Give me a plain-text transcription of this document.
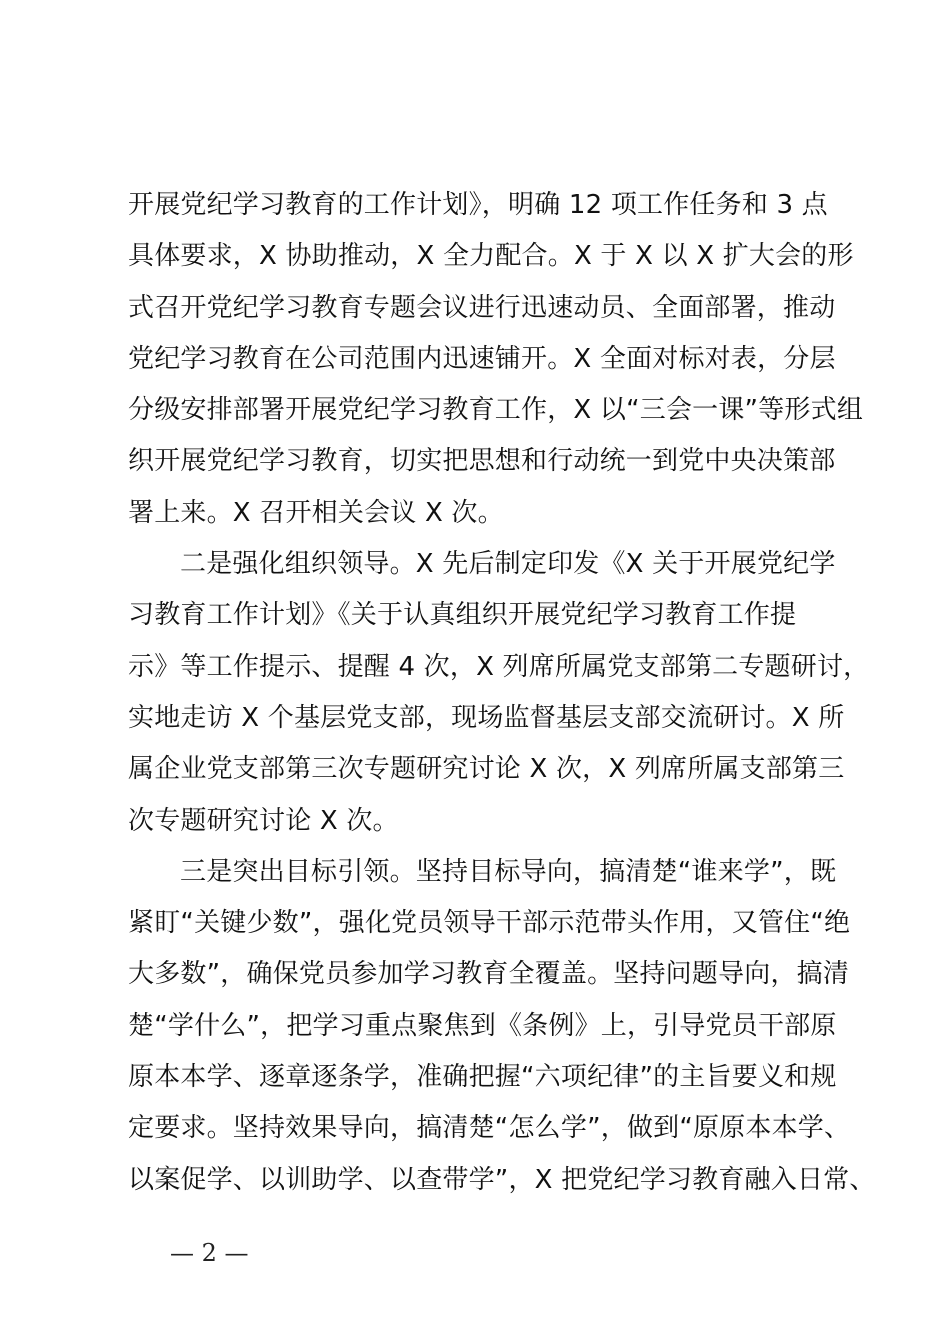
开展党纪学习教育的工作计划》，明确 12 项工作任务和 3 点
具体要求，X 协助推动，X 全力配合。X 于 X 以 X 扩大会的形
式召开党纪学习教育专题会议进行迅速动员、全面部署，推动
党纪学习教育在公司范围内迅速铺开。X 全面对标对表，分层
分级安排部署开展党纪学习教育工作，X 以“三会一课”等形式组
织开展党纪学习教育，切实把思想和行动统一到党中央决策部
署上来。X 召开相关会议 X 次。
二是强化组织领导。X 先后制定印发《X 关于开展党纪学
习教育工作计划》《关于认真组织开展党纪学习教育工作提
示》等工作提示、提醒 4 次，X 列席所属党支部第二专题研讨，
实地走访 X 个基层党支部，现场监督基层支部交流研讨。X 所
属企业党支部第三次专题研究讨论 X 次，X 列席所属支部第三
次专题研究讨论 X 次。
三是突出目标引领。坚持目标导向，搞清楚“谁来学”，既
紧盯“关键少数”，强化党员领导干部示范带头作用，又管住“绝
大多数”，确保党员参加学习教育全覆盖。坚持问题导向，搞清
楚“学什么”，把学习重点聚焦到《条例》上，引导党员干部原
原本本学、逐章逐条学，准确把握“六项纪律”的主旨要义和规
定要求。坚持效果导向，搞清楚“怎么学”，做到“原原本本学、
以案促学、以训助学、以查带学”，X 把党纪学习教育融入日常、
— 2 —
